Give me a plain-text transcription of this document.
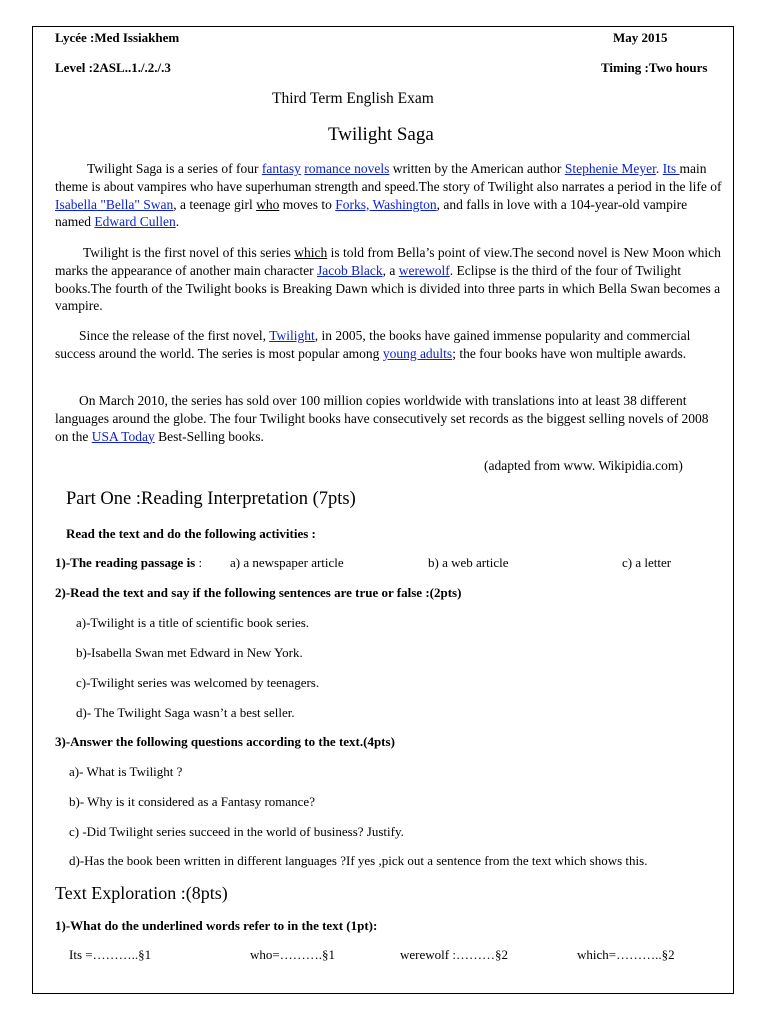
Lycée :Med Issiakhem	May 2015
Level :2ASL..1./.2./.3	Timing :Two hours
Third Term English Exam
Twilight Saga
Twilight Saga is a series of four fantasy romance novels written by the American author Stephenie Meyer. Its main theme is about vampires who have superhuman strength and speed.The story of Twilight also narrates a period in the life of Isabella "Bella" Swan, a teenage girl who moves to Forks, Washington, and falls in love with a 104-year-old vampire named Edward Cullen.
Twilight is the first novel of this series which is told from Bella’s point of view.The second novel is New Moon which marks the appearance of another main character Jacob Black, a werewolf. Eclipse is the third of the four of Twilight books.The fourth of the Twilight books is Breaking Dawn which is divided into three parts in which Bella Swan becomes a vampire.
Since the release of the first novel, Twilight, in 2005, the books have gained immense popularity and commercial success around the world. The series is most popular among young adults; the four books have won multiple awards.
On March 2010, the series has sold over 100 million copies worldwide with translations into at least 38 different languages around the globe. The four Twilight books have consecutively set records as the biggest selling novels of 2008 on the USA Today Best-Selling books.
(adapted from www. Wikipidia.com)
Part One :Reading Interpretation (7pts)
Read the text and do the following activities :
1)-The reading passage is : a) a newspaper article	b) a web article	c) a letter
2)-Read the text and say if the following sentences are true or false :(2pts)
a)-Twilight is a title of scientific book series.
b)-Isabella Swan met Edward in New York.
c)-Twilight series was welcomed by teenagers.
d)- The Twilight Saga wasn’t a best seller.
3)-Answer the following questions according to the text.(4pts)
a)- What is Twilight ?
b)- Why is it considered as a Fantasy romance?
c) -Did Twilight series succeed in the world of business? Justify.
d)-Has the book been written in different languages ?If yes ,pick out a sentence from the text which shows this.
Text Exploration :(8pts)
1)-What do the underlined words refer to in the text (1pt):
Its =………..§1	who=……….§1	werewolf :………§2	which=………..§2
